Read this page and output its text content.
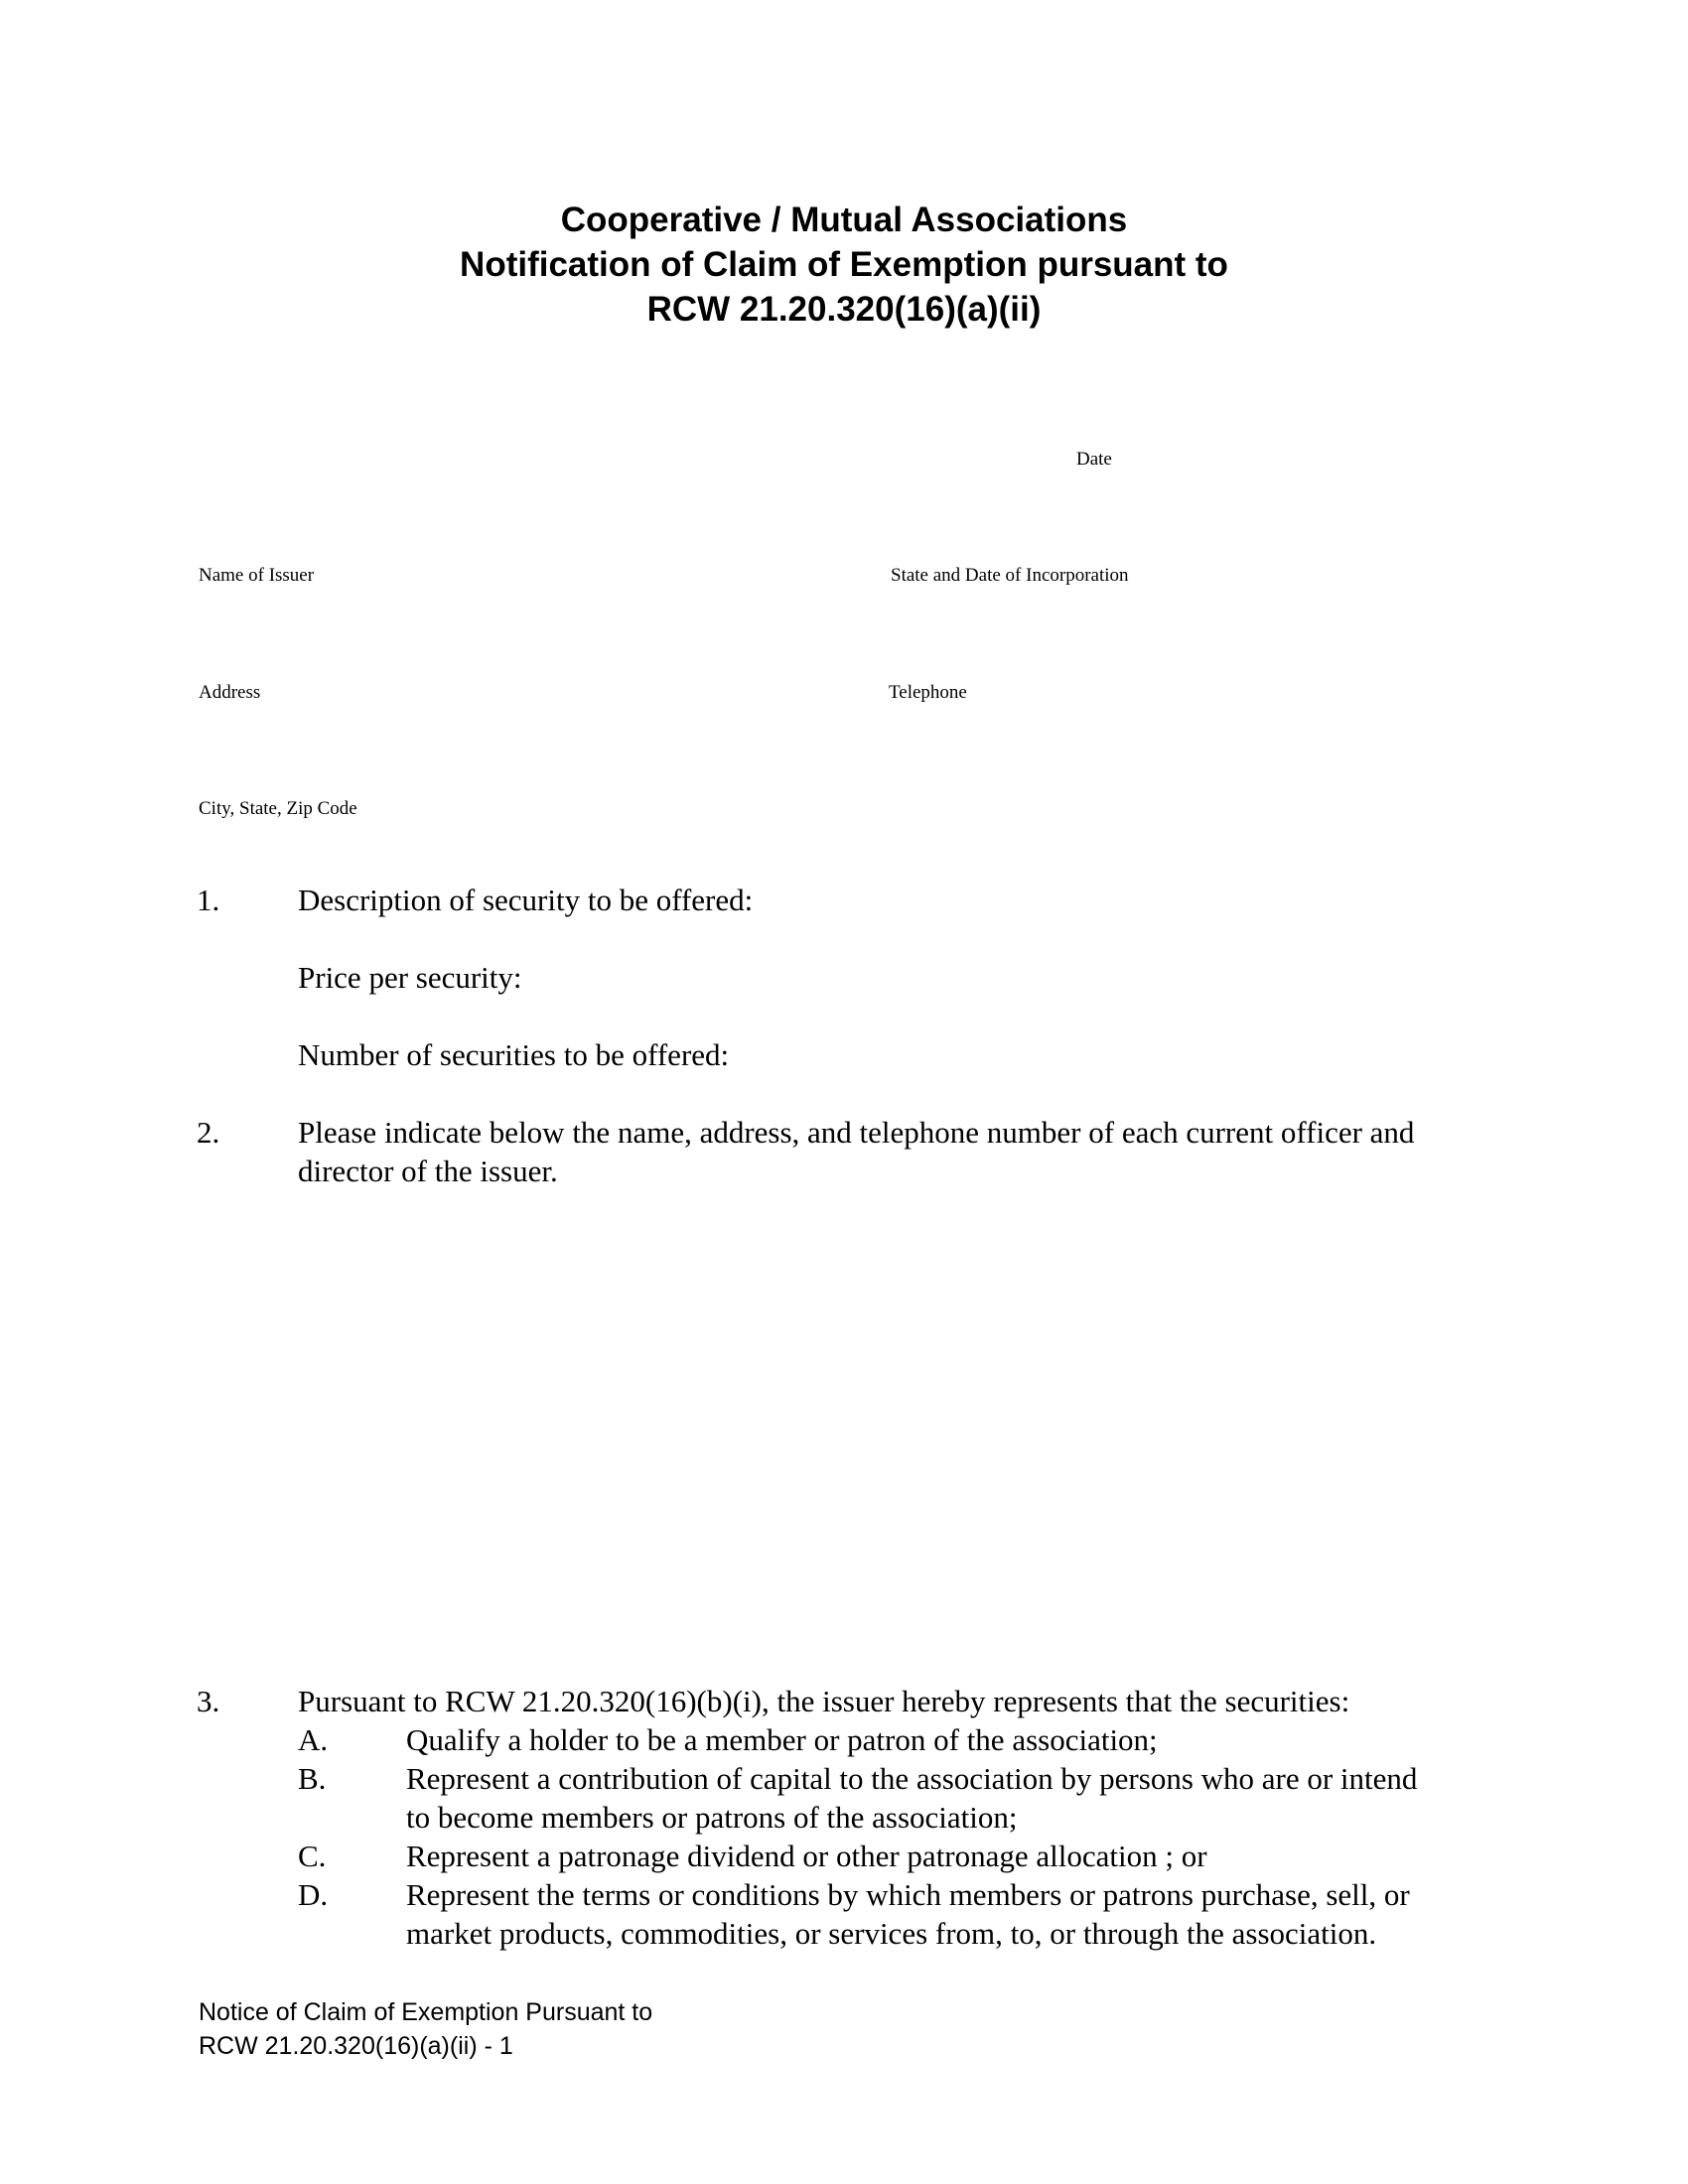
Cooperative / Mutual Associations
Notification of Claim of Exemption pursuant to
RCW 21.20.320(16)(a)(ii)
Date
Name of Issuer	State and Date of Incorporation
Address	Telephone
City, State, Zip Code
1.	Description of security to be offered:
Price per security:
Number of securities to be offered:
2.	Please indicate below the name, address, and telephone number of each current officer and
director of the issuer.
3.	Pursuant to RCW 21.20.320(16)(b)(i), the issuer hereby represents that the securities:
A.	Qualify a holder to be a member or patron of the association;
B.	Represent a contribution of capital to the association by persons who are or intend
to become members or patrons of the association;
C.	Represent a patronage dividend or other patronage allocation ; or
D.	Represent the terms or conditions by which members or patrons purchase, sell, or
market products, commodities, or services from, to, or through the association.
Notice of Claim of Exemption Pursuant to
RCW 21.20.320(16)(a)(ii) - 1
